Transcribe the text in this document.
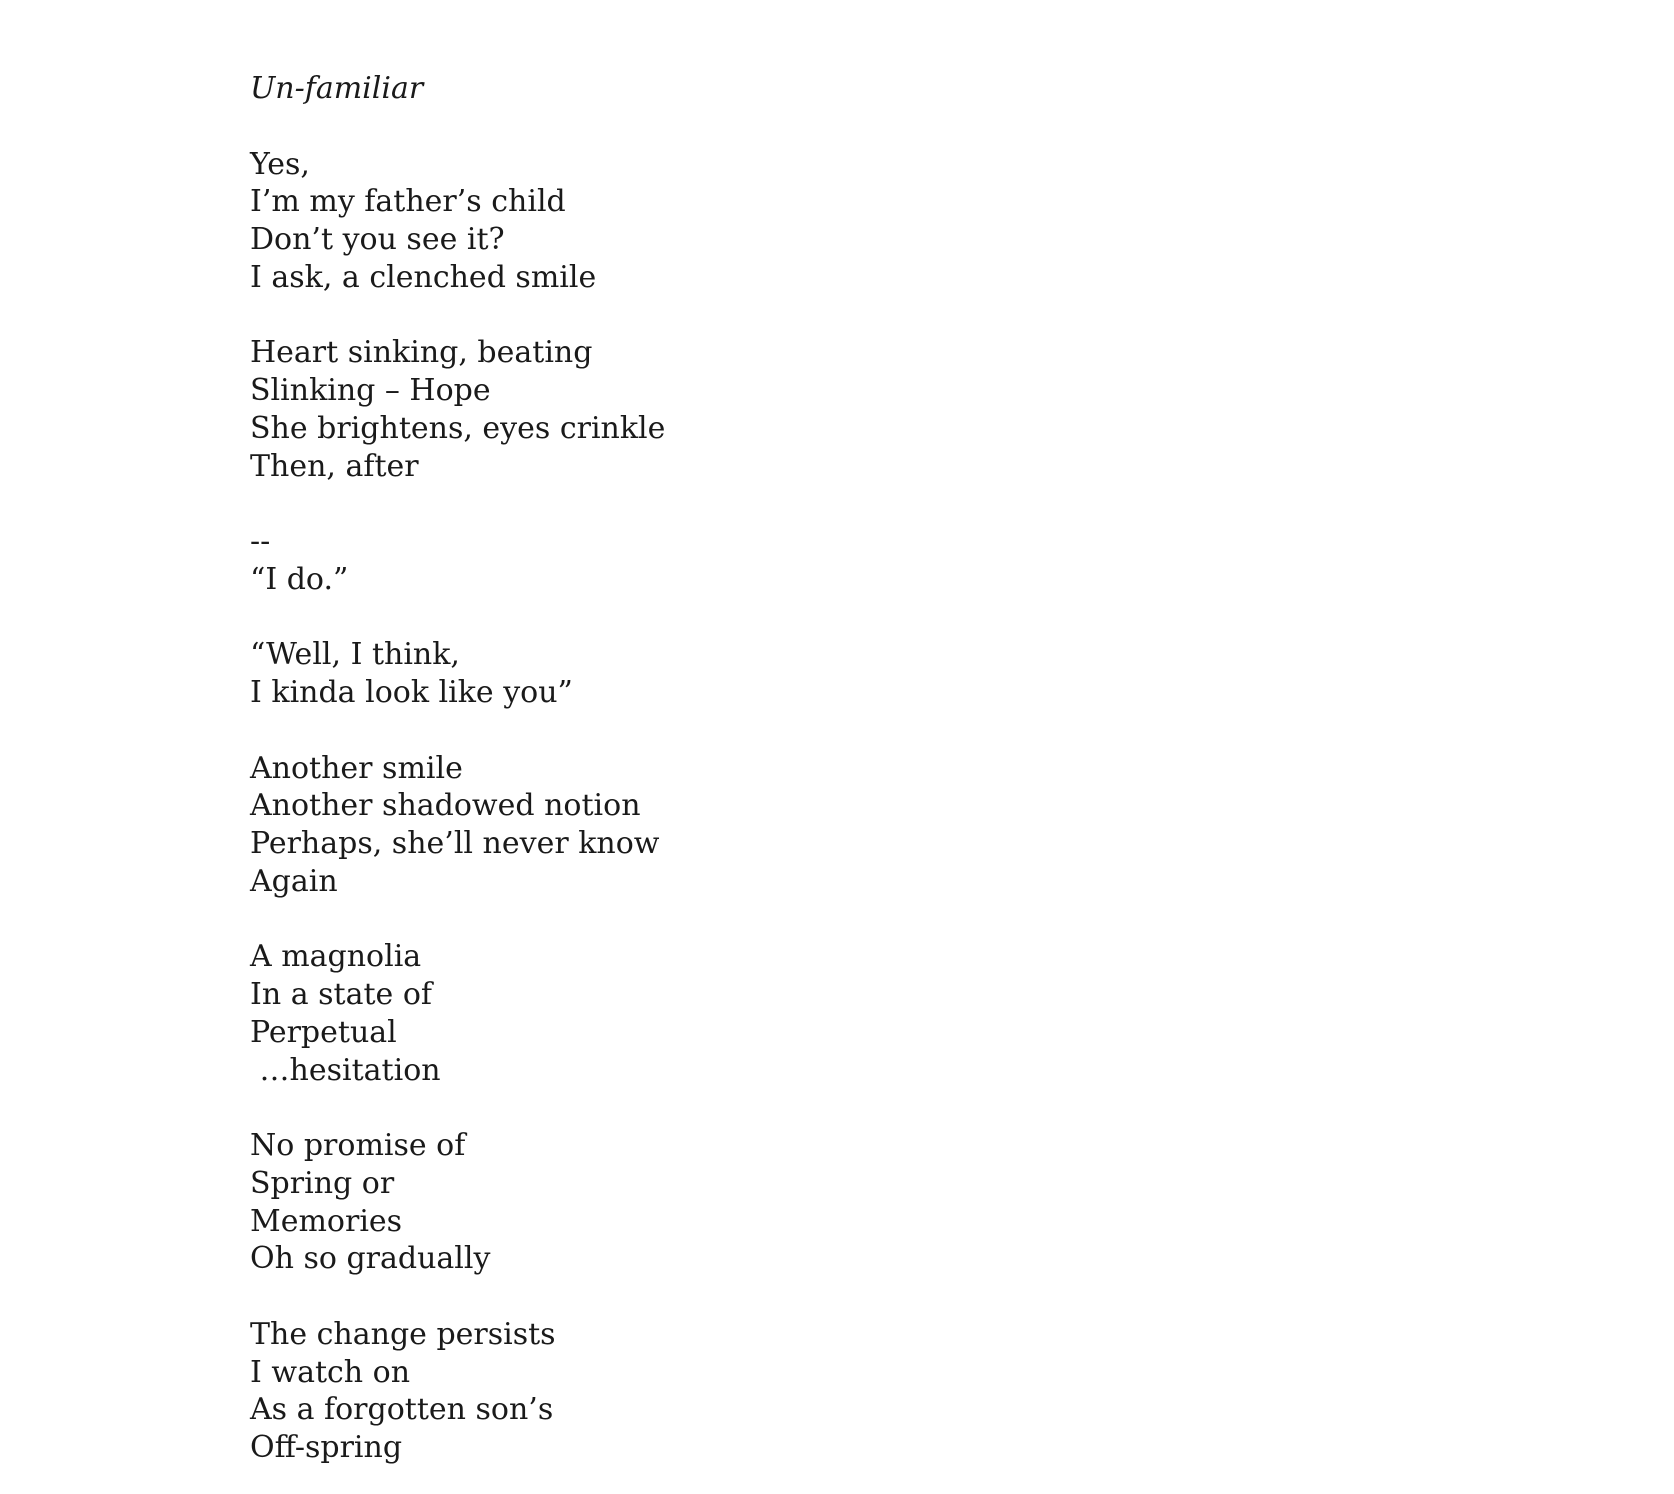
Un-familiar
Yes,
I’m my father’s child
Don’t you see it?
I ask, a clenched smile
Heart sinking, beating
Slinking – Hope
She brightens, eyes crinkle
Then, after
--
“I do.”
“Well, I think,
I kinda look like you”
Another smile
Another shadowed notion
Perhaps, she’ll never know
Again
A magnolia
In a state of
Perpetual
…hesitation
No promise of
Spring or
Memories
Oh so gradually
The change persists
I watch on
As a forgotten son’s
Off-spring
